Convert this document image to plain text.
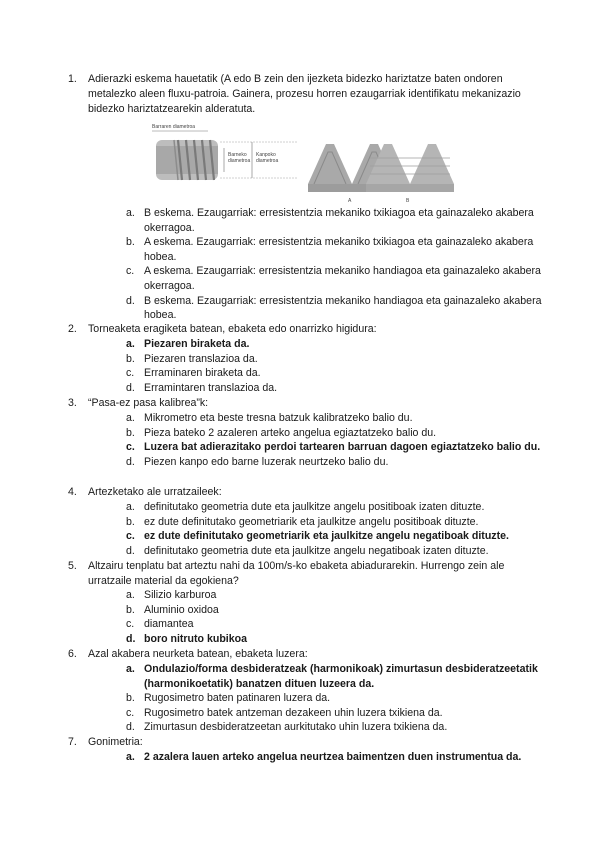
1. Adierazki eskema hauetatik (A edo B zein den ijezketa bidezko hariztatze baten ondoren metalezko aleen fluxu-patroia. Gainera, prozesu horren ezaugarriak identifikatu mekanizazio bidezko hariztatzearekin alderatuta.
Barraren diametroa
Barneko
diametroa
Kanpoko
diametroa
A	B
a. B eskema. Ezaugarriak: erresistentzia mekaniko txikiagoa eta gainazaleko akabera okerragoa.
b. A eskema. Ezaugarriak: erresistentzia mekaniko txikiagoa eta gainazaleko akabera hobea.
c. A eskema. Ezaugarriak: erresistentzia mekaniko handiagoa eta gainazaleko akabera okerragoa.
d. B eskema. Ezaugarriak: erresistentzia mekaniko handiagoa eta gainazaleko akabera hobea.
2. Torneaketa eragiketa batean, ebaketa edo onarrizko higidura:
a. Piezaren biraketa da.
b. Piezaren translazioa da.
c. Erraminaren biraketa da.
d. Erramintaren translazioa da.
3. “Pasa-ez pasa kalibrea”k:
a. Mikrometro eta beste tresna batzuk kalibratzeko balio du.
b. Pieza bateko 2 azaleren arteko angelua egiaztatzeko balio du.
c. Luzera bat adierazitako perdoi tartearen barruan dagoen egiaztatzeko balio du.
d. Piezen kanpo edo barne luzerak neurtzeko balio du.
4. Artezketako ale urratzaileek:
a. definitutako geometria dute eta jaulkitze angelu positiboak izaten dituzte.
b. ez dute definitutako geometriarik eta jaulkitze angelu positiboak dituzte.
c. ez dute definitutako geometriarik eta jaulkitze angelu negatiboak dituzte.
d. definitutako geometria dute eta jaulkitze angelu negatiboak izaten dituzte.
5. Altzairu tenplatu bat arteztu nahi da 100m/s-ko ebaketa abiadurarekin. Hurrengo zein ale urratzaile material da egokiena?
a. Silizio karburoa
b. Aluminio oxidoa
c. diamantea
d. boro nitruto kubikoa
6. Azal akabera neurketa batean, ebaketa luzera:
a. Ondulazio/forma desbideratzeak (harmonikoak) zimurtasun desbideratzeetatik (harmonikoetatik) banatzen dituen luzeera da.
b. Rugosimetro baten patinaren luzera da.
c. Rugosimetro batek antzeman dezakeen uhin luzera txikiena da.
d. Zimurtasun desbideratzeetan aurkitutako uhin luzera txikiena da.
7. Gonimetria:
a. 2 azalera lauen arteko angelua neurtzea baimentzen duen instrumentua da.
